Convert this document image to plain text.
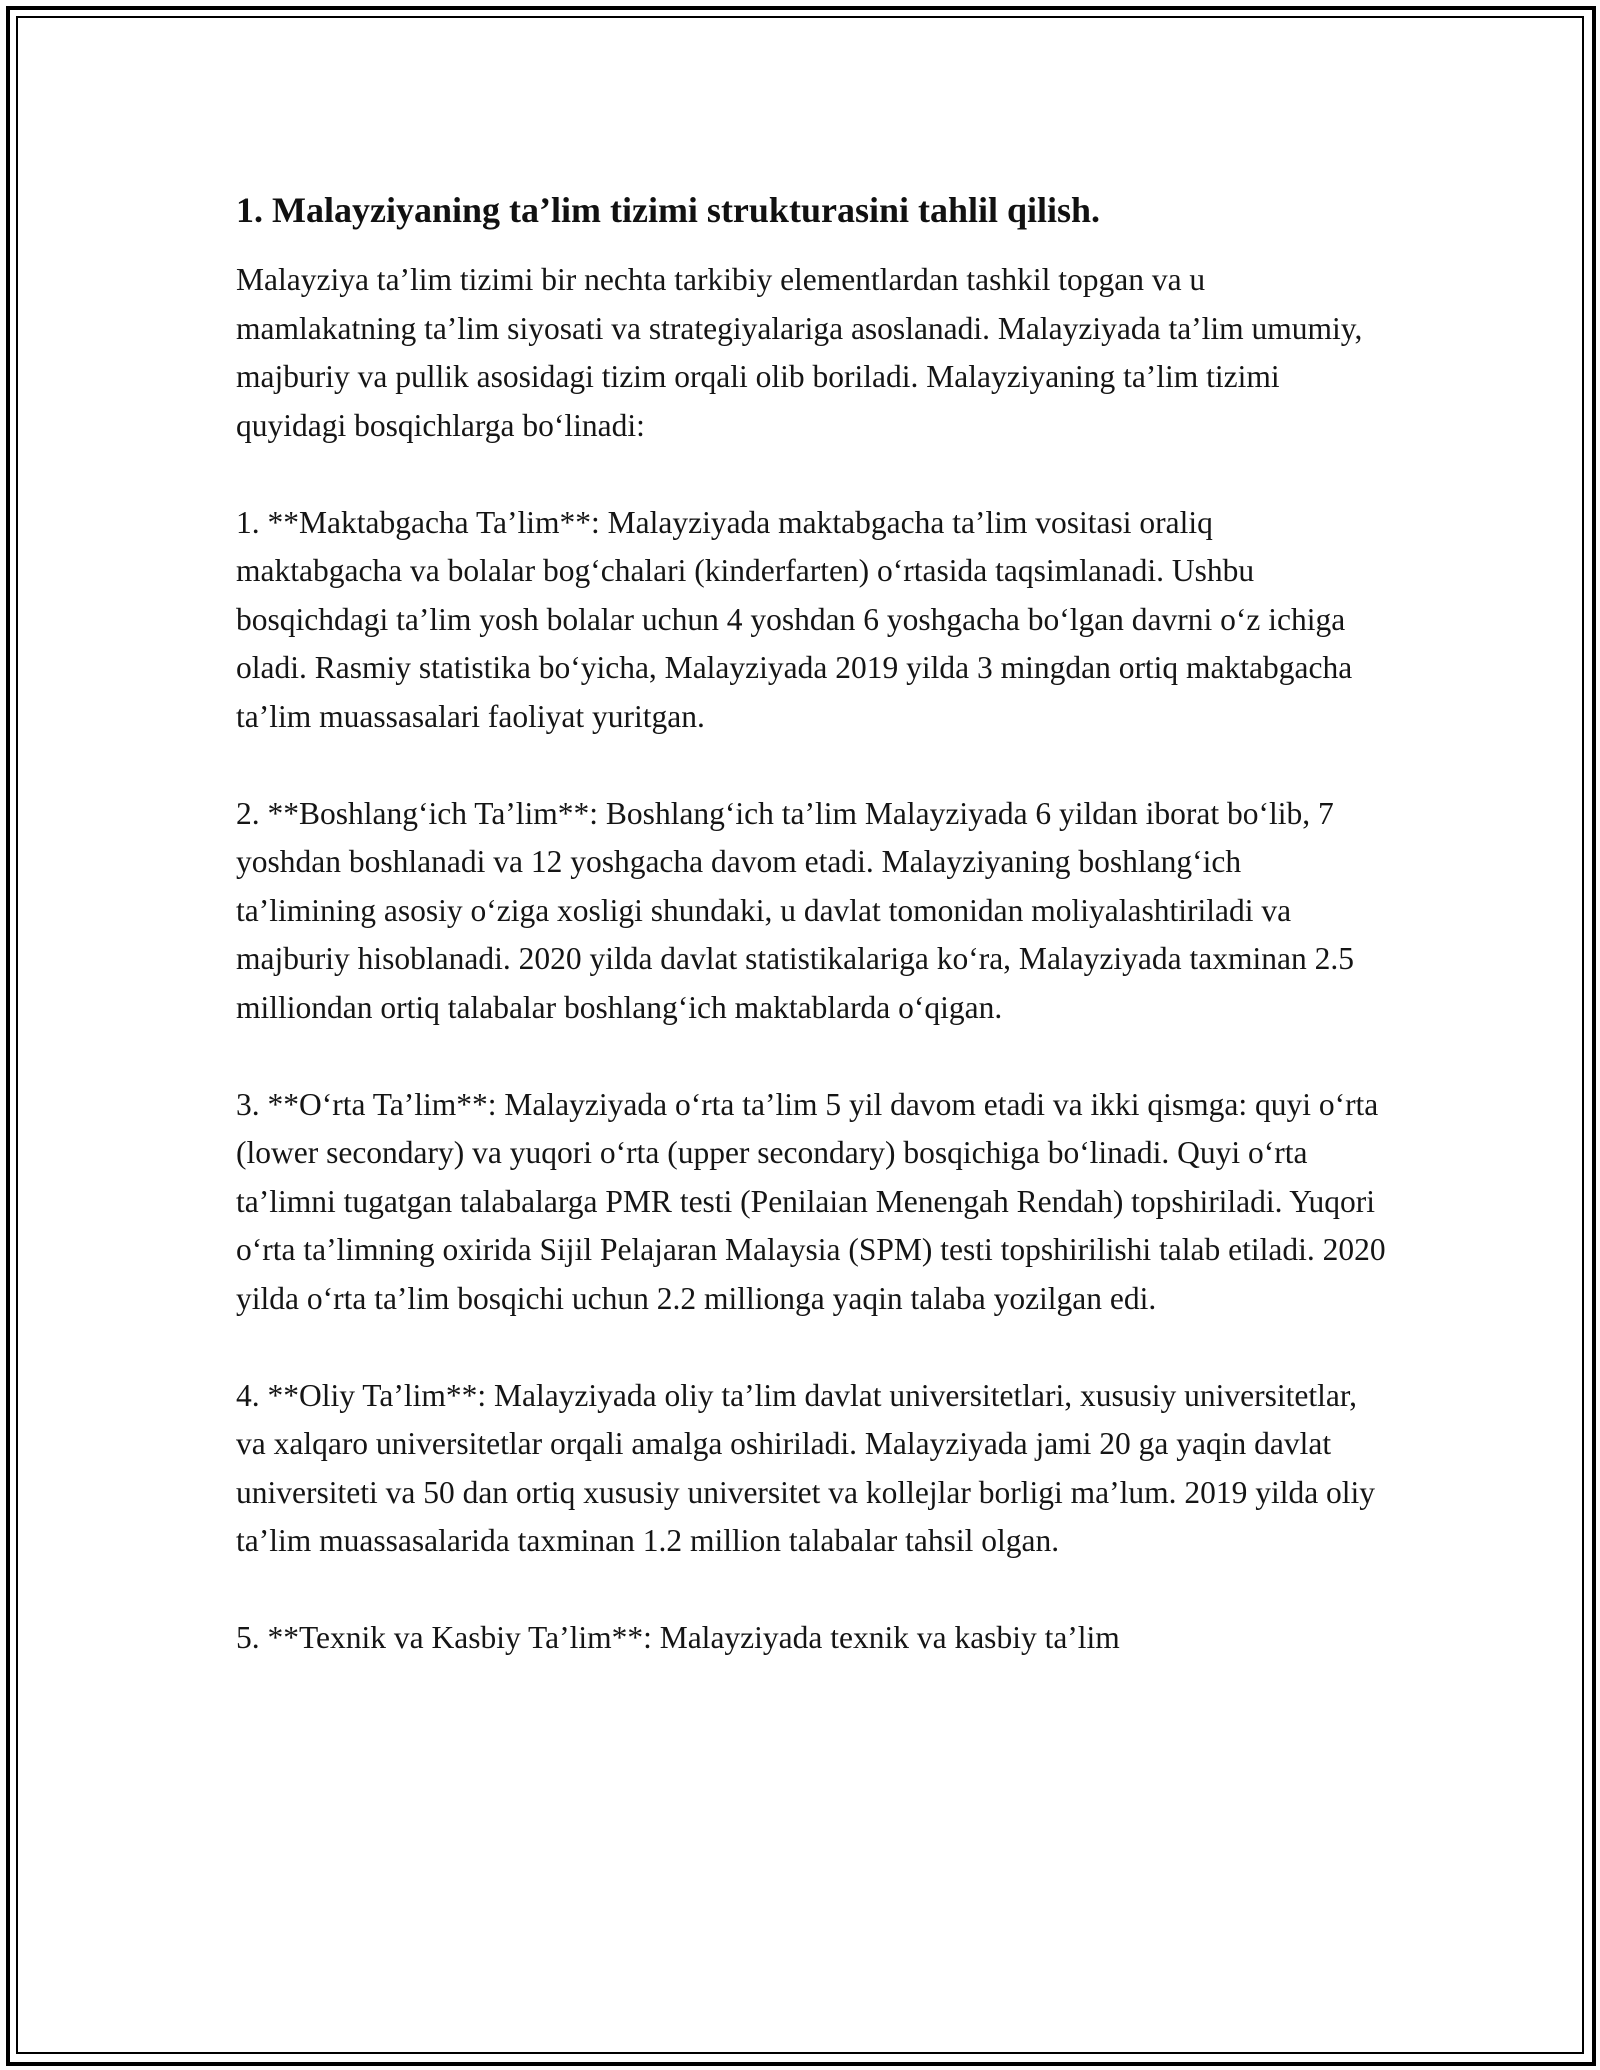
1. Malayziyaning ta’lim tizimi strukturasini tahlil qilish.

Malayziya ta’lim tizimi bir nechta tarkibiy elementlardan tashkil topgan va u mamlakatning ta’lim siyosati va strategiyalariga asoslanadi. Malayziyada ta’lim umumiy, majburiy va pullik asosidagi tizim orqali olib boriladi. Malayziyaning ta’lim tizimi quyidagi bosqichlarga bo‘linadi:

1. **Maktabgacha Ta’lim**: Malayziyada maktabgacha ta’lim vositasi oraliq maktabgacha va bolalar bog‘chalari (kinderfarten) o‘rtasida taqsimlanadi. Ushbu bosqichdagi ta’lim yosh bolalar uchun 4 yoshdan 6 yoshgacha bo‘lgan davrni o‘z ichiga oladi. Rasmiy statistika bo‘yicha, Malayziyada 2019 yilda 3 mingdan ortiq maktabgacha ta’lim muassasalari faoliyat yuritgan.

2. **Boshlang‘ich Ta’lim**: Boshlang‘ich ta’lim Malayziyada 6 yildan iborat bo‘lib, 7 yoshdan boshlanadi va 12 yoshgacha davom etadi. Malayziyaning boshlang‘ich ta’limining asosiy o‘ziga xosligi shundaki, u davlat tomonidan moliyalashtiriladi va majburiy hisoblanadi. 2020 yilda davlat statistikalariga ko‘ra, Malayziyada taxminan 2.5 milliondan ortiq talabalar boshlang‘ich maktablarda o‘qigan.

3. **O‘rta Ta’lim**: Malayziyada o‘rta ta’lim 5 yil davom etadi va ikki qismga: quyi o‘rta (lower secondary) va yuqori o‘rta (upper secondary) bosqichiga bo‘linadi. Quyi o‘rta ta’limni tugatgan talabalarga PMR testi (Penilaian Menengah Rendah) topshiriladi. Yuqori o‘rta ta’limning oxirida Sijil Pelajaran Malaysia (SPM) testi topshirilishi talab etiladi. 2020 yilda o‘rta ta’lim bosqichi uchun 2.2 millionga yaqin talaba yozilgan edi.

4. **Oliy Ta’lim**: Malayziyada oliy ta’lim davlat universitetlari, xususiy universitetlar, va xalqaro universitetlar orqali amalga oshiriladi. Malayziyada jami 20 ga yaqin davlat universiteti va 50 dan ortiq xususiy universitet va kollejlar borligi ma’lum. 2019 yilda oliy ta’lim muassasalarida taxminan 1.2 million talabalar tahsil olgan.

5. **Texnik va Kasbiy Ta’lim**: Malayziyada texnik va kasbiy ta’lim
